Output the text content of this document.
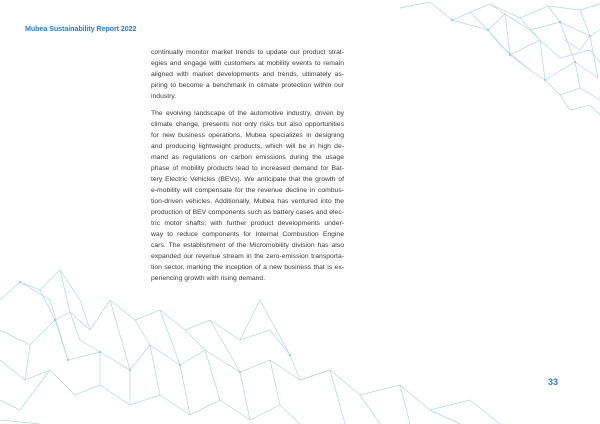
Mubea Sustainability Report 2022

continually monitor market trends to update our product strat-
egies and engage with customers at mobility events to remain
aligned with market developments and trends, ultimately as-
piring to become a benchmark in climate protection within our
industry.

The evolving landscape of the automotive industry, driven by
climate change, presents not only risks but also opportunities
for new business operations. Mubea specializes in designing
and producing lightweight products, which will be in high de-
mand as regulations on carbon emissions during the usage
phase of mobility products lead to increased demand for Bat-
tery Electric Vehicles (BEVs). We anticipate that the growth of
e-mobility will compensate for the revenue decline in combus-
tion-driven vehicles. Additionally, Mubea has ventured into the
production of BEV components such as battery cases and elec-
tric motor shafts, with further product developments under-
way to reduce components for Internal Combustion Engine
cars. The establishment of the Micromobility division has also
expanded our revenue stream in the zero-emission transporta-
tion sector, marking the inception of a new business that is ex-
periencing growth with rising demand.

33
